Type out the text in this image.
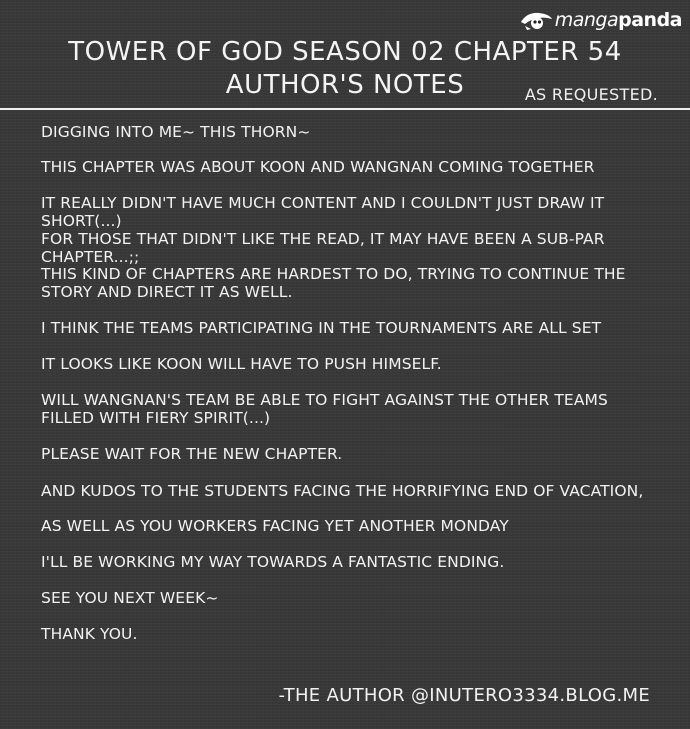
manga panda
TOWER OF GOD SEASON 02 CHAPTER 54
AUTHOR'S NOTES	AS REQUESTED.

DIGGING INTO ME~ THIS THORN~

THIS CHAPTER WAS ABOUT KOON AND WANGNAN COMING TOGETHER

IT REALLY DIDN'T HAVE MUCH CONTENT AND I COULDN'T JUST DRAW IT SHORT(...)

FOR THOSE THAT DIDN'T LIKE THE READ, IT MAY HAVE BEEN A SUB-PAR CHAPTER...;;

THIS KIND OF CHAPTERS ARE HARDEST TO DO, TRYING TO CONTINUE THE STORY AND DIRECT IT AS WELL.

I THINK THE TEAMS PARTICIPATING IN THE TOURNAMENTS ARE ALL SET

IT LOOKS LIKE KOON WILL HAVE TO PUSH HIMSELF.

WILL WANGNAN'S TEAM BE ABLE TO FIGHT AGAINST THE OTHER TEAMS FILLED WITH FIERY SPIRIT(...)

PLEASE WAIT FOR THE NEW CHAPTER.

AND KUDOS TO THE STUDENTS FACING THE HORRIFYING END OF VACATION,

AS WELL AS YOU WORKERS FACING YET ANOTHER MONDAY

I'LL BE WORKING MY WAY TOWARDS A FANTASTIC ENDING.

SEE YOU NEXT WEEK~

THANK YOU.

-THE AUTHOR @INUTERO3334.BLOG.ME
